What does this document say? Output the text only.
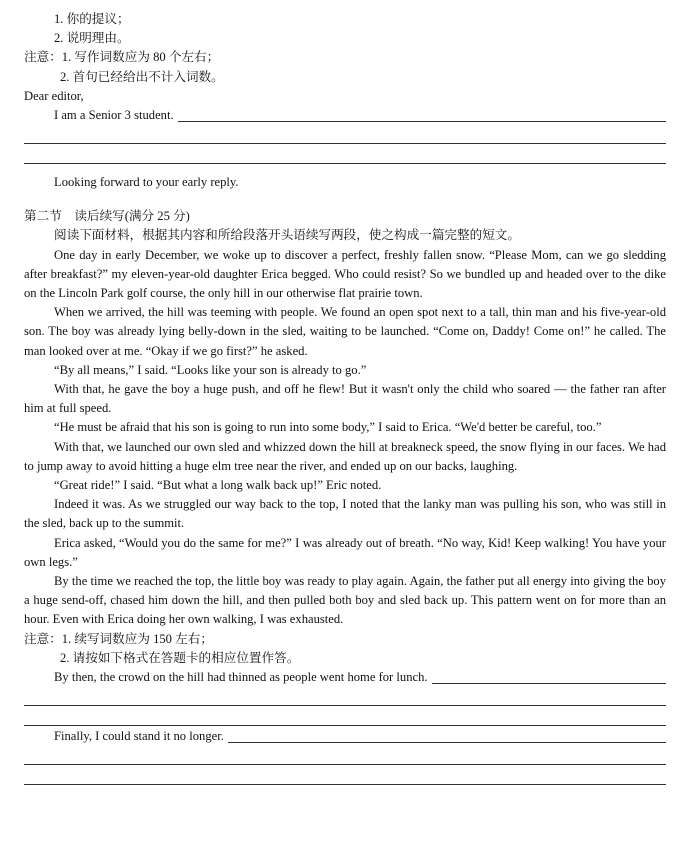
1. 你的提议；
2. 说明理由。
注意：1. 写作词数应为 80 个左右；
2. 首句已经给出不计入词数。
Dear editor,
I am a Senior 3 student.
Looking forward to your early reply.
第二节　读后续写(满分 25 分)
阅读下面材料，根据其内容和所给段落开头语续写两段，使之构成一篇完整的短文。

One day in early December, we woke up to discover a perfect, freshly fallen snow. “Please Mom, can we go sledding after breakfast?” my eleven-year-old daughter Erica begged. Who could resist? So we bundled up and headed over to the dike on the Lincoln Park golf course, the only hill in our otherwise flat prairie town.

When we arrived, the hill was teeming with people. We found an open spot next to a tall, thin man and his five-year-old son. The boy was already lying belly-down in the sled, waiting to be launched. “Come on, Daddy! Come on!” he called. The man looked over at me. “Okay if we go first?” he asked.

“By all means,” I said. “Looks like your son is already to go.”

With that, he gave the boy a huge push, and off he flew! But it wasn't only the child who soared — the father ran after him at full speed.

“He must be afraid that his son is going to run into some body,” I said to Erica. “We'd better be careful, too.”

With that, we launched our own sled and whizzed down the hill at breakneck speed, the snow flying in our faces. We had to jump away to avoid hitting a huge elm tree near the river, and ended up on our backs, laughing.

“Great ride!” I said. “But what a long walk back up!” Eric noted.

Indeed it was. As we struggled our way back to the top, I noted that the lanky man was pulling his son, who was still in the sled, back up to the summit.

Erica asked, “Would you do the same for me?” I was already out of breath. “No way, Kid! Keep walking! You have your own legs.”

By the time we reached the top, the little boy was ready to play again. Again, the father put all energy into giving the boy a huge send-off, chased him down the hill, and then pulled both boy and sled back up. This pattern went on for more than an hour. Even with Erica doing her own walking, I was exhausted.

注意：1. 续写词数应为 150 左右；
2. 请按如下格式在答题卡的相应位置作答。
By then, the crowd on the hill had thinned as people went home for lunch.
Finally, I could stand it no longer.
